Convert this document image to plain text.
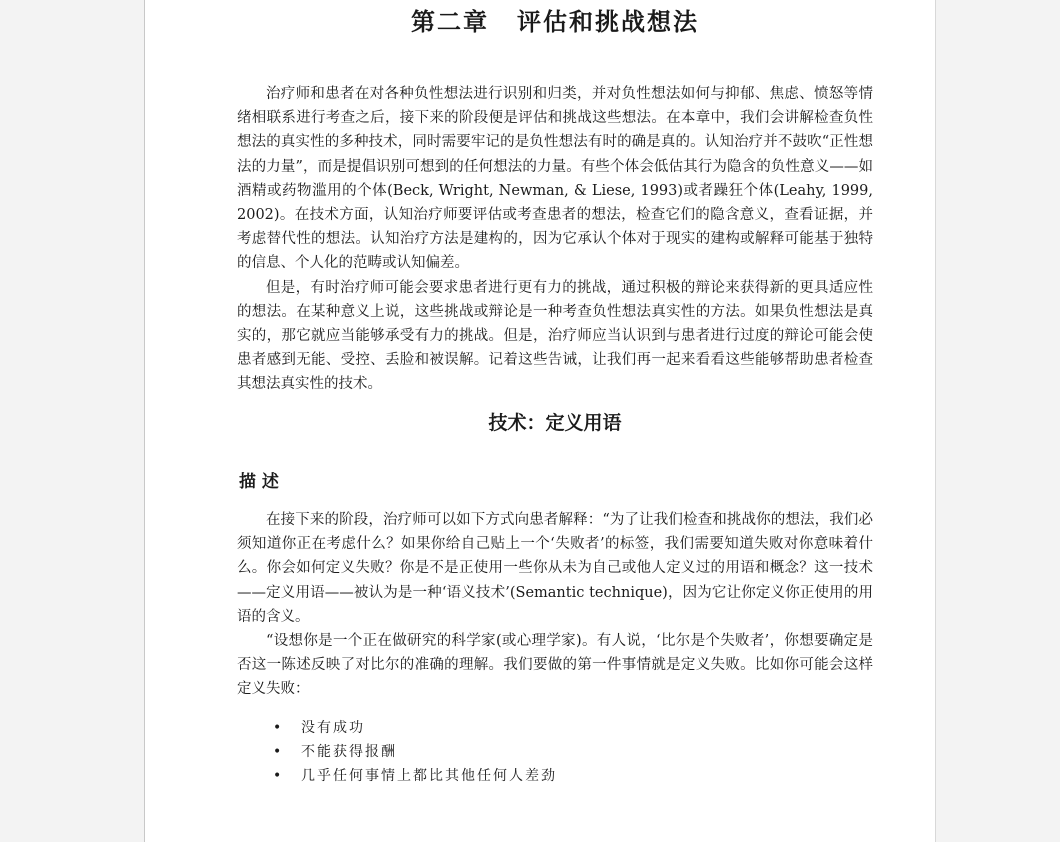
第二章 评估和挑战想法

治疗师和患者在对各种负性想法进行识别和归类，并对负性想法如何与抑郁、焦虑、愤怒等情绪相联系进行考查之后，接下来的阶段便是评估和挑战这些想法。在本章中，我们会讲解检查负性想法的真实性的多种技术，同时需要牢记的是负性想法有时的确是真的。认知治疗并不鼓吹“正性想法的力量”，而是提倡识别可想到的任何想法的力量。有些个体会低估其行为隐含的负性意义——如酒精或药物滥用的个体(Beck, Wright, Newman, & Liese, 1993)或者躁狂个体(Leahy, 1999, 2002)。在技术方面，认知治疗师要评估或考查患者的想法，检查它们的隐含意义，查看证据，并考虑替代性的想法。认知治疗方法是建构的，因为它承认个体对于现实的建构或解释可能基于独特的信息、个人化的范畴或认知偏差。

但是，有时治疗师可能会要求患者进行更有力的挑战，通过积极的辩论来获得新的更具适应性的想法。在某种意义上说，这些挑战或辩论是一种考查负性想法真实性的方法。如果负性想法是真实的，那它就应当能够承受有力的挑战。但是，治疗师应当认识到与患者进行过度的辩论可能会使患者感到无能、受控、丢脸和被误解。记着这些告诫，让我们再一起来看看这些能够帮助患者检查其想法真实性的技术。

技术：定义用语
描 述

在接下来的阶段，治疗师可以如下方式向患者解释：“为了让我们检查和挑战你的想法，我们必须知道你正在考虑什么？如果你给自己贴上一个‘失败者’的标签，我们需要知道失败对你意味着什么。你会如何定义失败？你是不是正使用一些你从未为自己或他人定义过的用语和概念？这一技术——定义用语——被认为是一种‘语义技术’(Semantic technique)，因为它让你定义你正使用的用语的含义。

“设想你是一个正在做研究的科学家(或心理学家)。有人说，‘比尔是个失败者’，你想要确定是否这一陈述反映了对比尔的准确的理解。我们要做的第一件事情就是定义失败。比如你可能会这样定义失败：

• 没有成功
• 不能获得报酬
• 几乎任何事情上都比其他任何人差劲
